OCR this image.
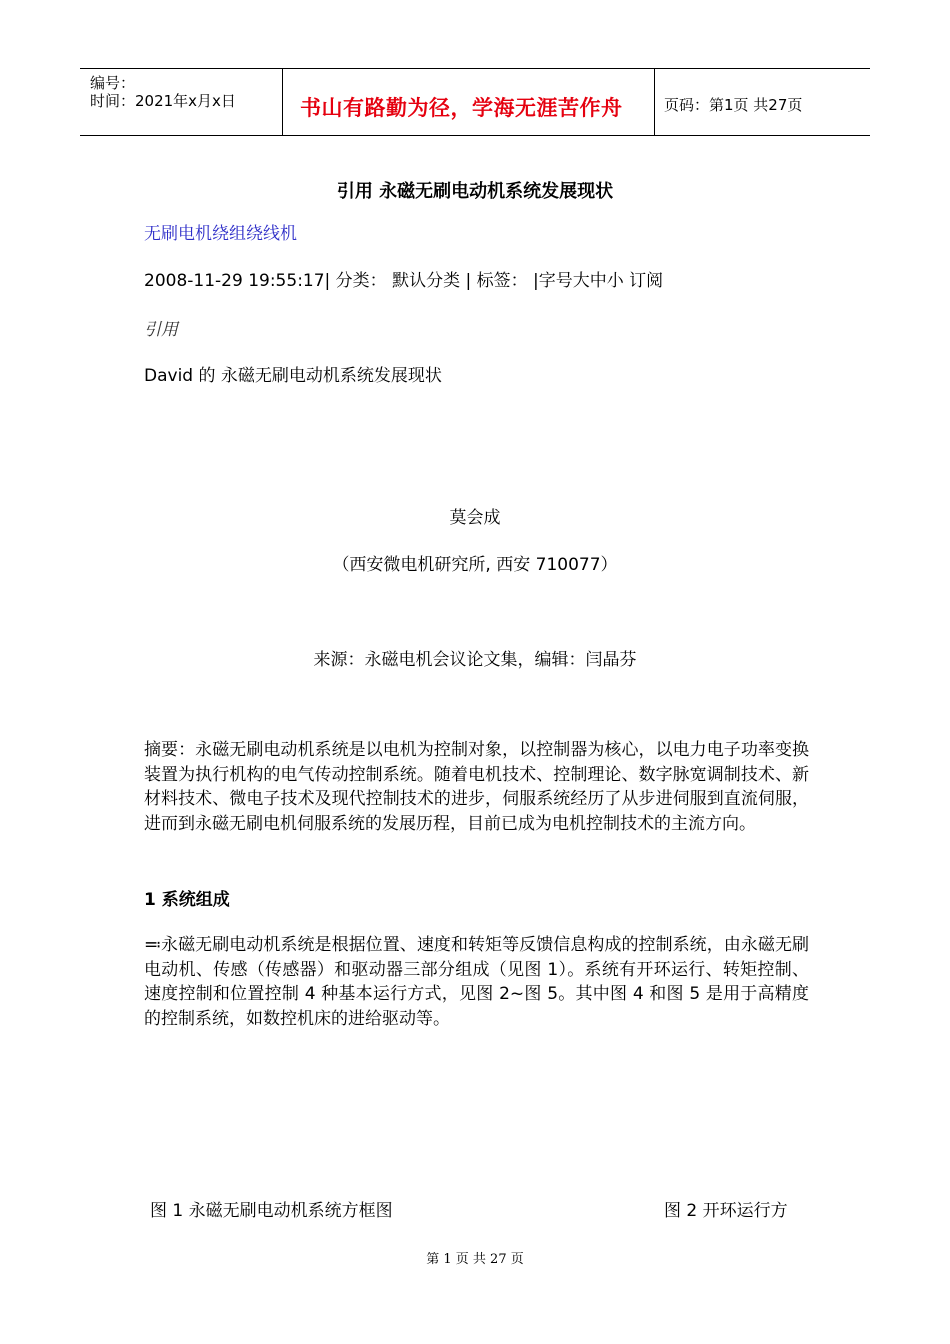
编号：
时间：2021年x月x日	书山有路勤为径，学海无涯苦作舟	页码：第1页 共27页
引用 永磁无刷电动机系统发展现状
无刷电机绕组绕线机
2008-11-29 19:55:17| 分类： 默认分类 | 标签： |字号大中小 订阅
引用
David 的 永磁无刷电动机系统发展现状
莫会成
（西安微电机研究所, 西安 710077）
来源：永磁电机会议论文集，编辑：闫晶芬
摘要：永磁无刷电动机系统是以电机为控制对象，以控制器为核心，以电力电子功率变换装置为执行机构的电气传动控制系统。随着电机技术、控制理论、数字脉宽调制技术、新材料技术、微电子技术及现代控制技术的进步，伺服系统经历了从步进伺服到直流伺服，进而到永磁无刷电机伺服系统的发展历程，目前已成为电机控制技术的主流方向。
1 系统组成
≕永磁无刷电动机系统是根据位置、速度和转矩等反馈信息构成的控制系统，由永磁无刷电动机、传感（传感器）和驱动器三部分组成（见图 1）。系统有开环运行、转矩控制、速度控制和位置控制 4 种基本运行方式，见图 2~图 5。其中图 4 和图 5 是用于高精度的控制系统，如数控机床的进给驱动等。
图 1 永磁无刷电动机系统方框图	图 2 开环运行方
第 1 页 共 27 页
